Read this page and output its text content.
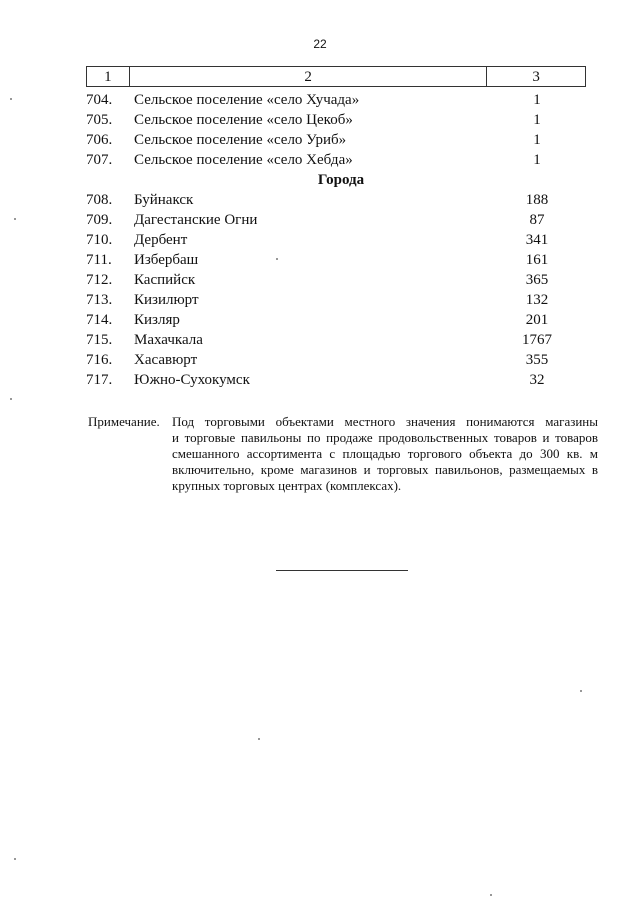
22
1	2	3
704.	Сельское поселение «село Хучада»	1
705.	Сельское поселение «село Цекоб»	1
706.	Сельское поселение «село Уриб»	1
707.	Сельское поселение «село Хебда»	1
Города
708.	Буйнакск	188
709.	Дагестанские Огни	87
710.	Дербент	341
711.	Избербаш	161
712.	Каспийск	365
713.	Кизилюрт	132
714.	Кизляр	201
715.	Махачкала	1767
716.	Хасавюрт	355
717.	Южно-Сухокумск	32
Примечание. Под торговыми объектами местного значения понимаются магазины

и торговые павильоны по продаже продовольственных товаров и товаров

смешанного ассортимента с площадью торгового объекта до 300 кв. м

включительно, кроме магазинов и торговых павильонов, размещаемых в

крупных торговых центрах (комплексах).
